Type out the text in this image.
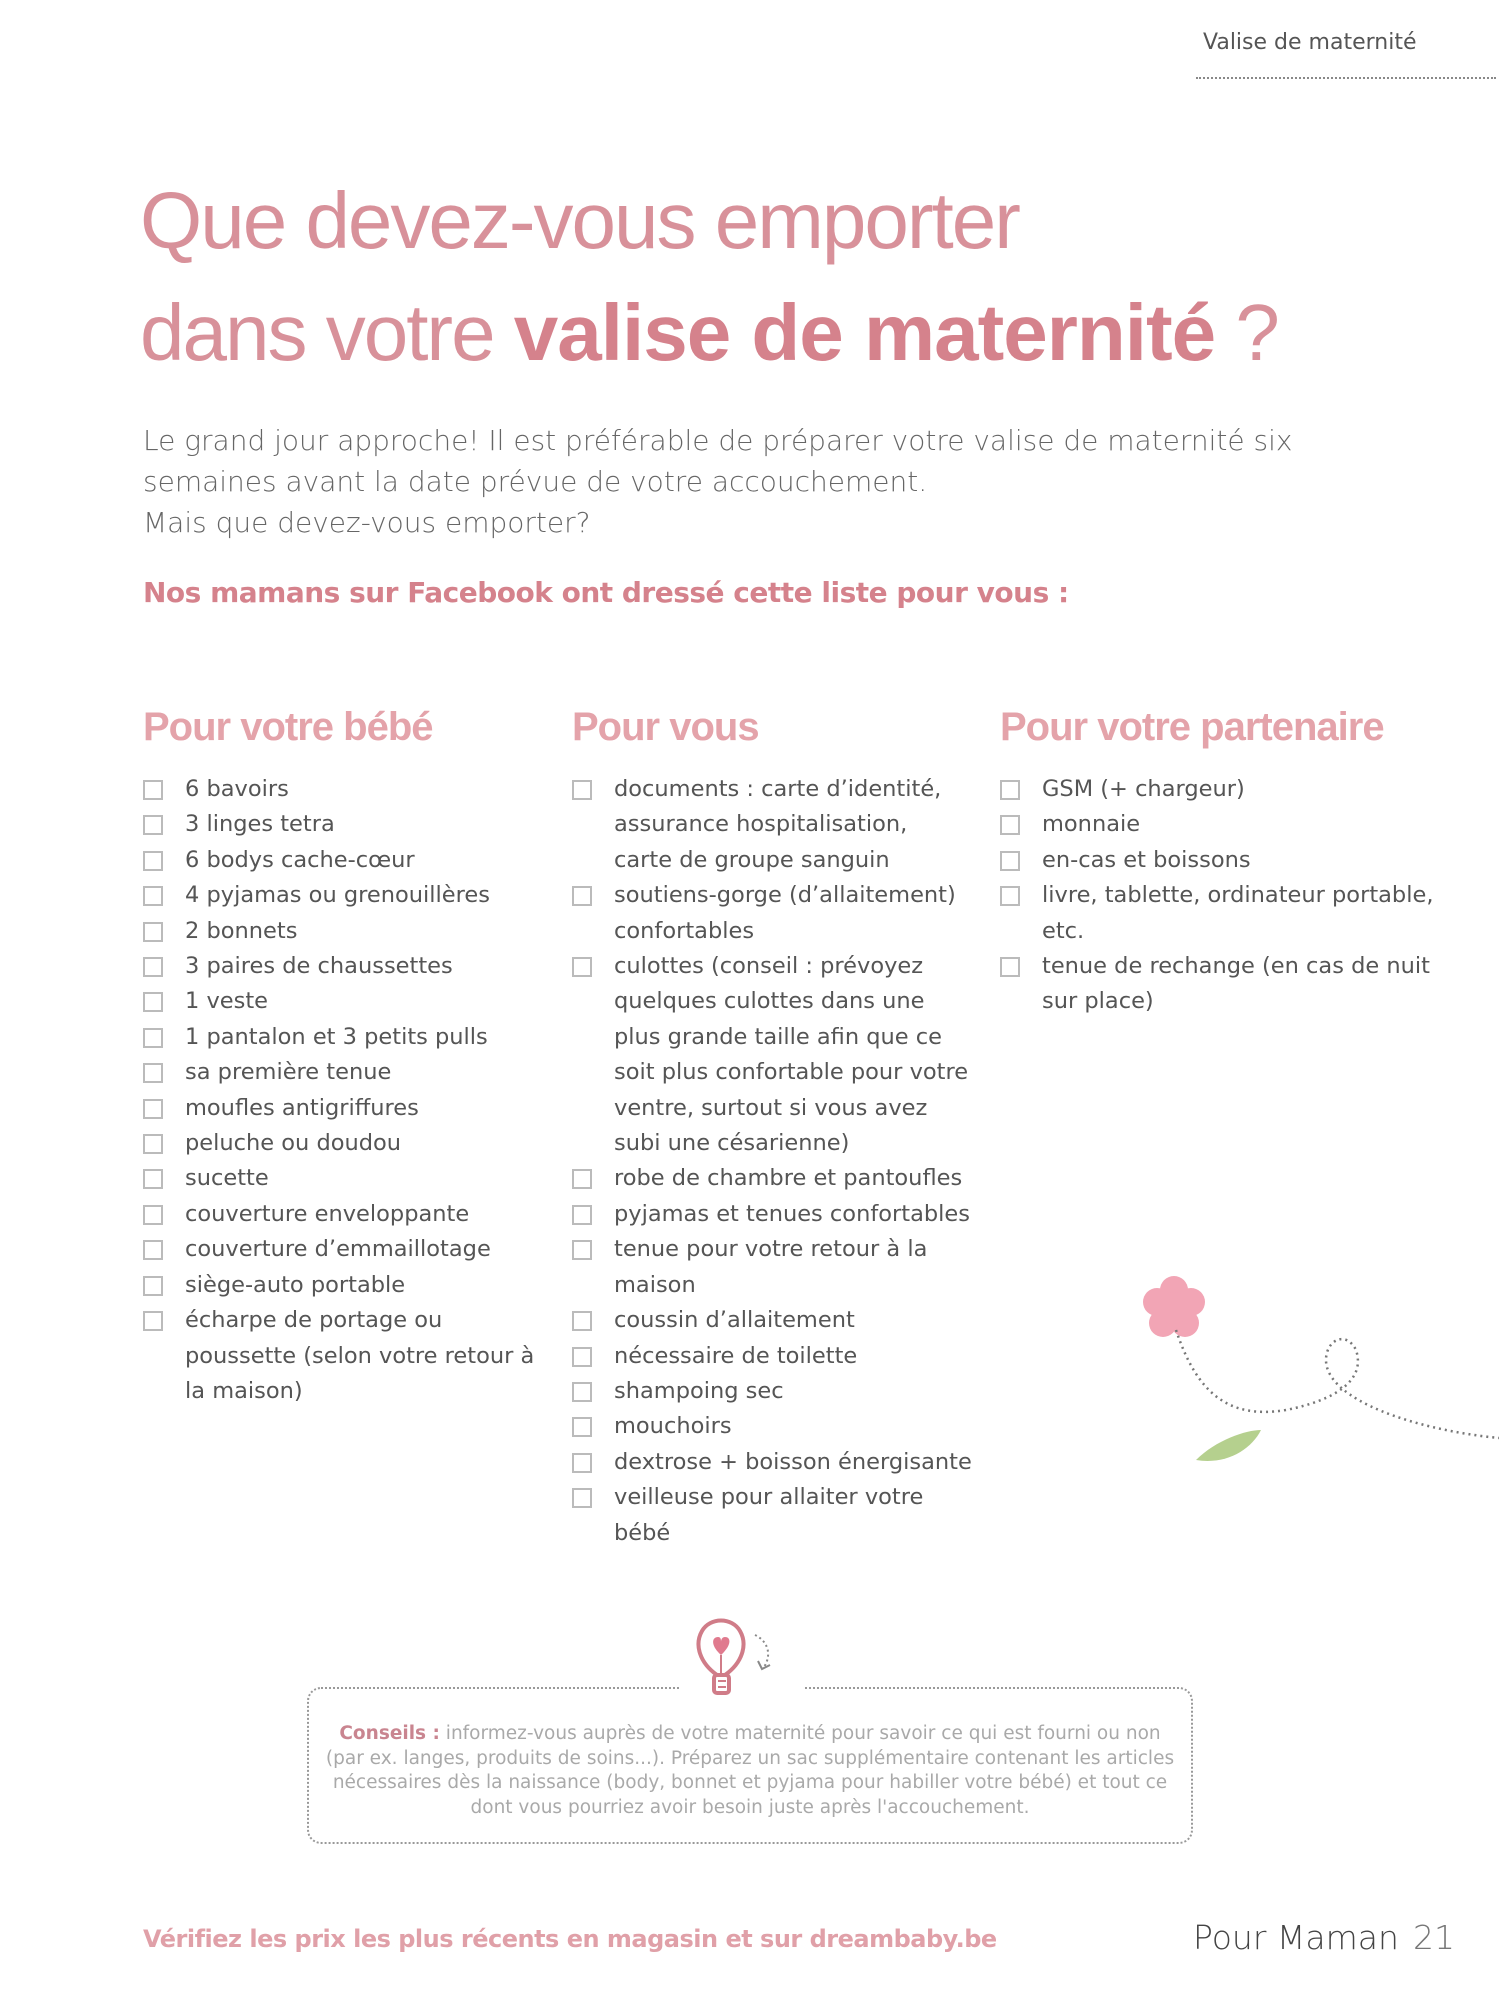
Valise de maternité
Que devez-vous emporter
dans votre valise de maternité ?
Le grand jour approche! Il est préférable de préparer votre valise de maternité six
semaines avant la date prévue de votre accouchement.
Mais que devez-vous emporter?
Nos mamans sur Facebook ont dressé cette liste pour vous :
Pour votre bébé
6 bavoirs
3 linges tetra
6 bodys cache-cœur
4 pyjamas ou grenouillères
2 bonnets
3 paires de chaussettes
1 veste
1 pantalon et 3 petits pulls
sa première tenue
moufles antigriffures
peluche ou doudou
sucette
couverture enveloppante
couverture d’emmaillotage
siège-auto portable
écharpe de portage ou poussette (selon votre retour à la maison)
Pour vous
documents : carte d’identité, assurance hospitalisation, carte de groupe sanguin
soutiens-gorge (d’allaitement) confortables
culottes (conseil : prévoyez quelques culottes dans une plus grande taille afin que ce soit plus confortable pour votre ventre, surtout si vous avez subi une césarienne)
robe de chambre et pantoufles
pyjamas et tenues confortables
tenue pour votre retour à la maison
coussin d’allaitement
nécessaire de toilette
shampoing sec
mouchoirs
dextrose + boisson énergisante
veilleuse pour allaiter votre bébé
Pour votre partenaire
GSM (+ chargeur)
monnaie
en-cas et boissons
livre, tablette, ordinateur portable, etc.
tenue de rechange (en cas de nuit sur place)
Conseils : informez-vous auprès de votre maternité pour savoir ce qui est fourni ou non (par ex. langes, produits de soins...). Préparez un sac supplémentaire contenant les articles nécessaires dès la naissance (body, bonnet et pyjama pour habiller votre bébé) et tout ce dont vous pourriez avoir besoin juste après l'accouchement.
Vérifiez les prix les plus récents en magasin et sur dreambaby.be	Pour Maman 21
